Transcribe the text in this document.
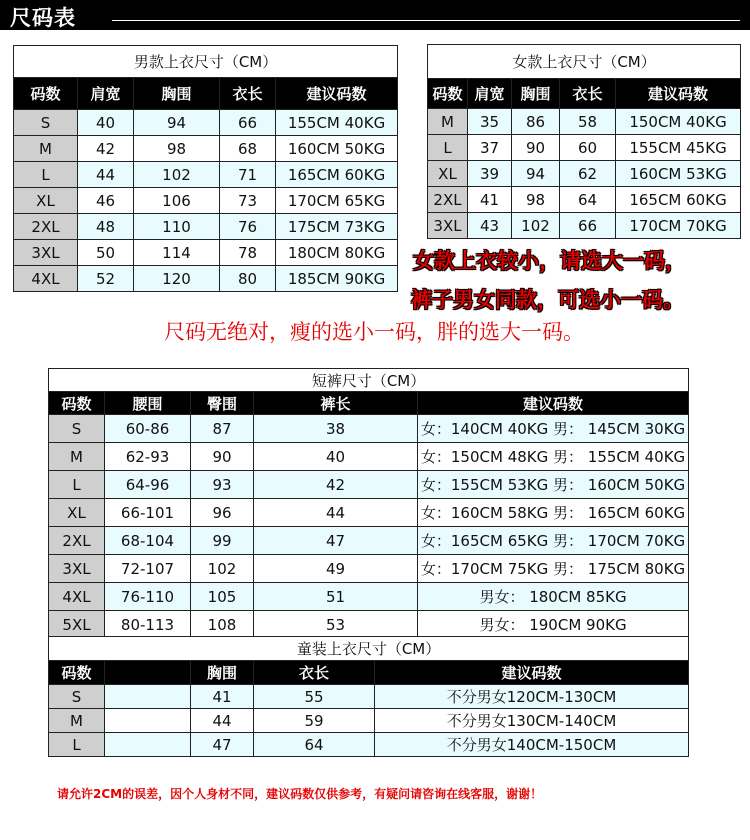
尺码表
男款上衣尺寸（CM）				
码数	肩宽	胸围	衣长	建议码数
S	40	94	66	155CM 40KG
M	42	98	68	160CM 50KG
L	44	102	71	165CM 60KG
XL	46	106	73	170CM 65KG
2XL	48	110	76	175CM 73KG
3XL	50	114	78	180CM 80KG
4XL	52	120	80	185CM 90KG
女款上衣尺寸（CM）				
码数	肩宽	胸围	衣长	建议码数
M	35	86	58	150CM 40KG
L	37	90	60	155CM 45KG
XL	39	94	62	160CM 53KG
2XL	41	98	64	165CM 60KG
3XL	43	102	66	170CM 70KG
女款上衣较小，请选大一码，
裤子男女同款，可选小一码。
尺码无绝对，瘦的选小一码，胖的选大一码。
短裤尺寸（CM）				
码数	腰围	臀围	裤长	建议码数
S	60-86	87	38	女：140CM 40KG 男： 145CM 30KG
M	62-93	90	40	女：150CM 48KG 男： 155CM 40KG
L	64-96	93	42	女：155CM 53KG 男： 160CM 50KG
XL	66-101	96	44	女：160CM 58KG 男： 165CM 60KG
2XL	68-104	99	47	女：165CM 65KG 男： 170CM 70KG
3XL	72-107	102	49	女：170CM 75KG 男： 175CM 80KG
4XL	76-110	105	51	男女： 180CM 85KG
5XL	80-113	108	53	男女： 190CM 90KG
童装上衣尺寸（CM）				
码数		胸围	衣长	建议码数
S		41	55	不分男女120CM-130CM
M		44	59	不分男女130CM-140CM
L		47	64	不分男女140CM-150CM
请允许2CM的误差，因个人身材不同，建议码数仅供参考，有疑问请咨询在线客服，谢谢！
